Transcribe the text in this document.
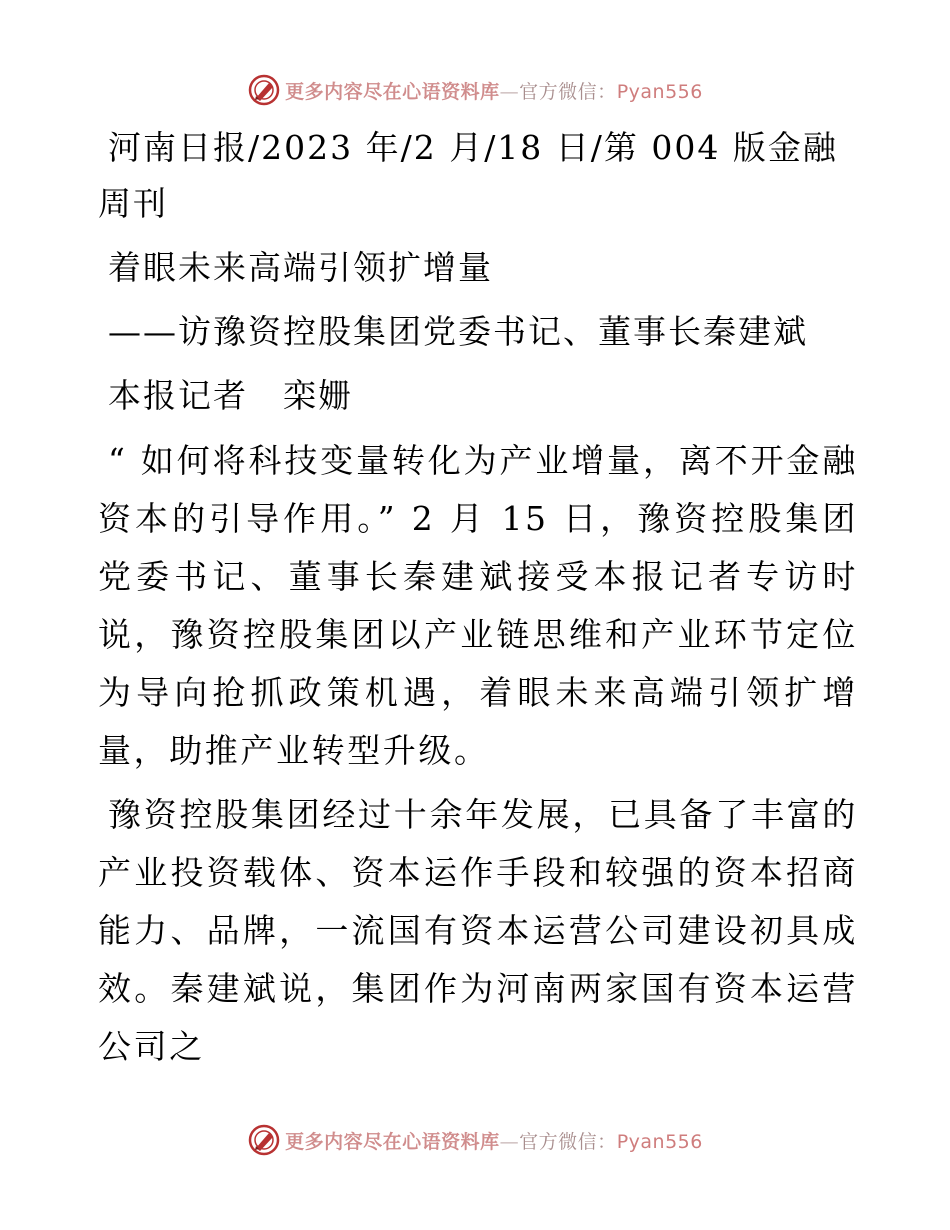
更多内容尽在心语资料库—官方微信：Pyan556

河南日报/2023 年/2 月/18 日/第 004 版金融周刊

着眼未来高端引领扩增量

——访豫资控股集团党委书记、董事长秦建斌

本报记者　栾姗

“ 如何将科技变量转化为产业增量，离不开金融资本的引导作用。” 2 月 15 日，豫资控股集团党委书记、董事长秦建斌接受本报记者专访时说，豫资控股集团以产业链思维和产业环节定位为导向抢抓政策机遇，着眼未来高端引领扩增量，助推产业转型升级。

豫资控股集团经过十余年发展，已具备了丰富的产业投资载体、资本运作手段和较强的资本招商能力、品牌，一流国有资本运营公司建设初具成效。秦建斌说，集团作为河南两家国有资本运营公司之

更多内容尽在心语资料库—官方微信：Pyan556
